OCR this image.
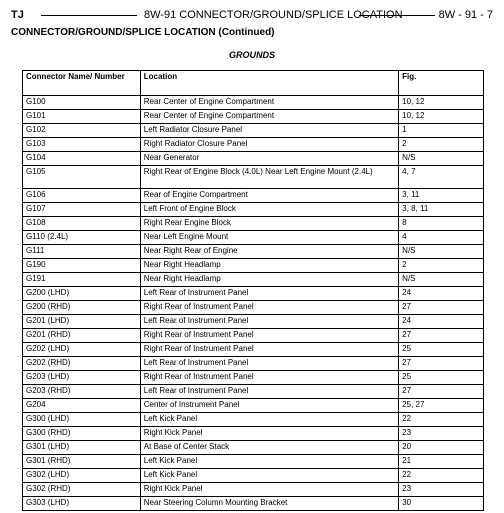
TJ	8W-91 CONNECTOR/GROUND/SPLICE LOCATION	8W - 91 - 7
CONNECTOR/GROUND/SPLICE LOCATION (Continued)
GROUNDS
Connector Name/ Number	Location	Fig.
G100	Rear Center of Engine Compartment	10, 12
G101	Rear Center of Engine Compartment	10, 12
G102	Left Radiator Closure Panel	1
G103	Right Radiator Closure Panel	2
G104	Near Generator	N/S
G105	Right Rear of Engine Block (4.0L) Near Left Engine Mount (2.4L)	4, 7
G106	Rear of Engine Compartment	3, 11
G107	Left Front of Engine Block	3, 8, 11
G108	Right Rear Engine Block	8
G110 (2.4L)	Near Left Engine Mount	4
G111	Near Right Rear of Engine	N/S
G190	Near Right Headlamp	2
G191	Near Right Headlamp	N/S
G200 (LHD)	Left Rear of Instrument Panel	24
G200 (RHD)	Right Rear of Instrument Panel	27
G201 (LHD)	Left Rear of Instrument Panel	24
G201 (RHD)	Right Rear of Instrument Panel	27
G202 (LHD)	Right Rear of Instrument Panel	25
G202 (RHD)	Left Rear of Instrument Panel	27
G203 (LHD)	Right Rear of Instrument Panel	25
G203 (RHD)	Left Rear of Instrument Panel	27
G204	Center of Instrument Panel	25, 27
G300 (LHD)	Left Kick Panel	22
G300 (RHD)	Right Kick Panel	23
G301 (LHD)	At Base of Center Stack	20
G301 (RHD)	Left Kick Panel	21
G302 (LHD)	Left Kick Panel	22
G302 (RHD)	Right Kick Panel	23
G303 (LHD)	Near Steering Column Mounting Bracket	30
